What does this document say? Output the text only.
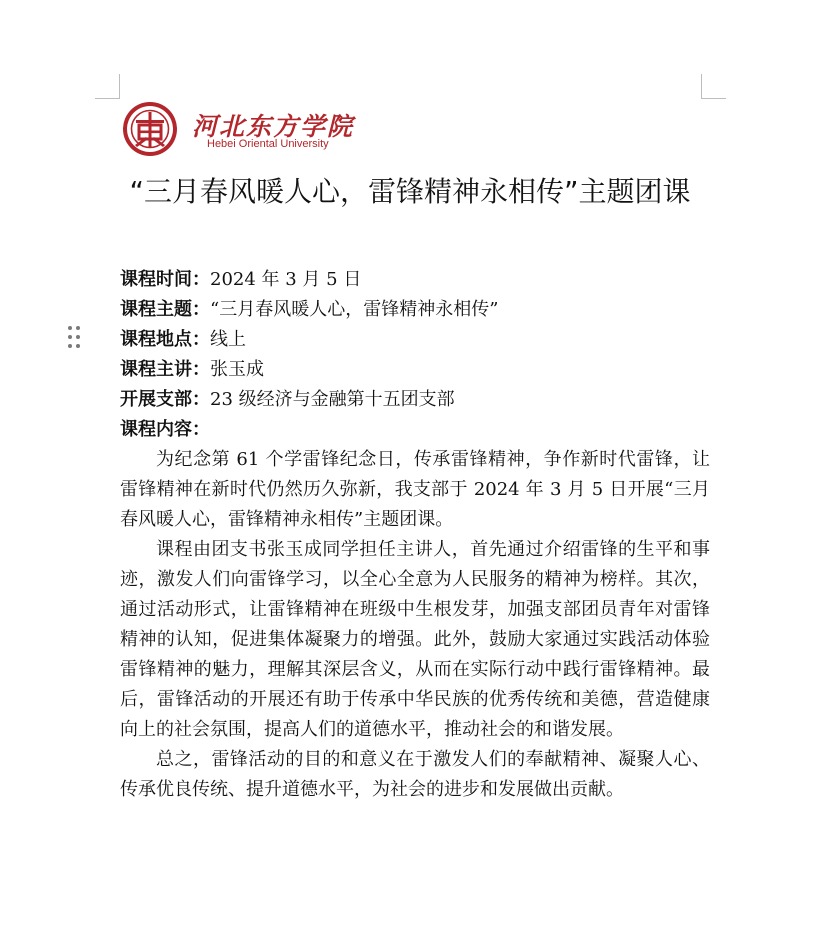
河北东方学院
Hebei Oriental University
“三月春风暖人心，雷锋精神永相传”主题团课
课程时间：2024 年 3 月 5 日
课程主题：“三月春风暖人心，雷锋精神永相传”
课程地点：线上
课程主讲：张玉成
开展支部：23 级经济与金融第十五团支部
课程内容：

为纪念第 61 个学雷锋纪念日，传承雷锋精神，争作新时代雷锋，让雷锋精神在新时代仍然历久弥新，我支部于 2024 年 3 月 5 日开展“三月春风暖人心，雷锋精神永相传”主题团课。

课程由团支书张玉成同学担任主讲人，首先通过介绍雷锋的生平和事迹，激发人们向雷锋学习，以全心全意为人民服务的精神为榜样。其次，通过活动形式，让雷锋精神在班级中生根发芽，加强支部团员青年对雷锋精神的认知，促进集体凝聚力的增强。此外，鼓励大家通过实践活动体验雷锋精神的魅力，理解其深层含义，从而在实际行动中践行雷锋精神。最后，雷锋活动的开展还有助于传承中华民族的优秀传统和美德，营造健康向上的社会氛围，提高人们的道德水平，推动社会的和谐发展。

总之，雷锋活动的目的和意义在于激发人们的奉献精神、凝聚人心、传承优良传统、提升道德水平，为社会的进步和发展做出贡献。
